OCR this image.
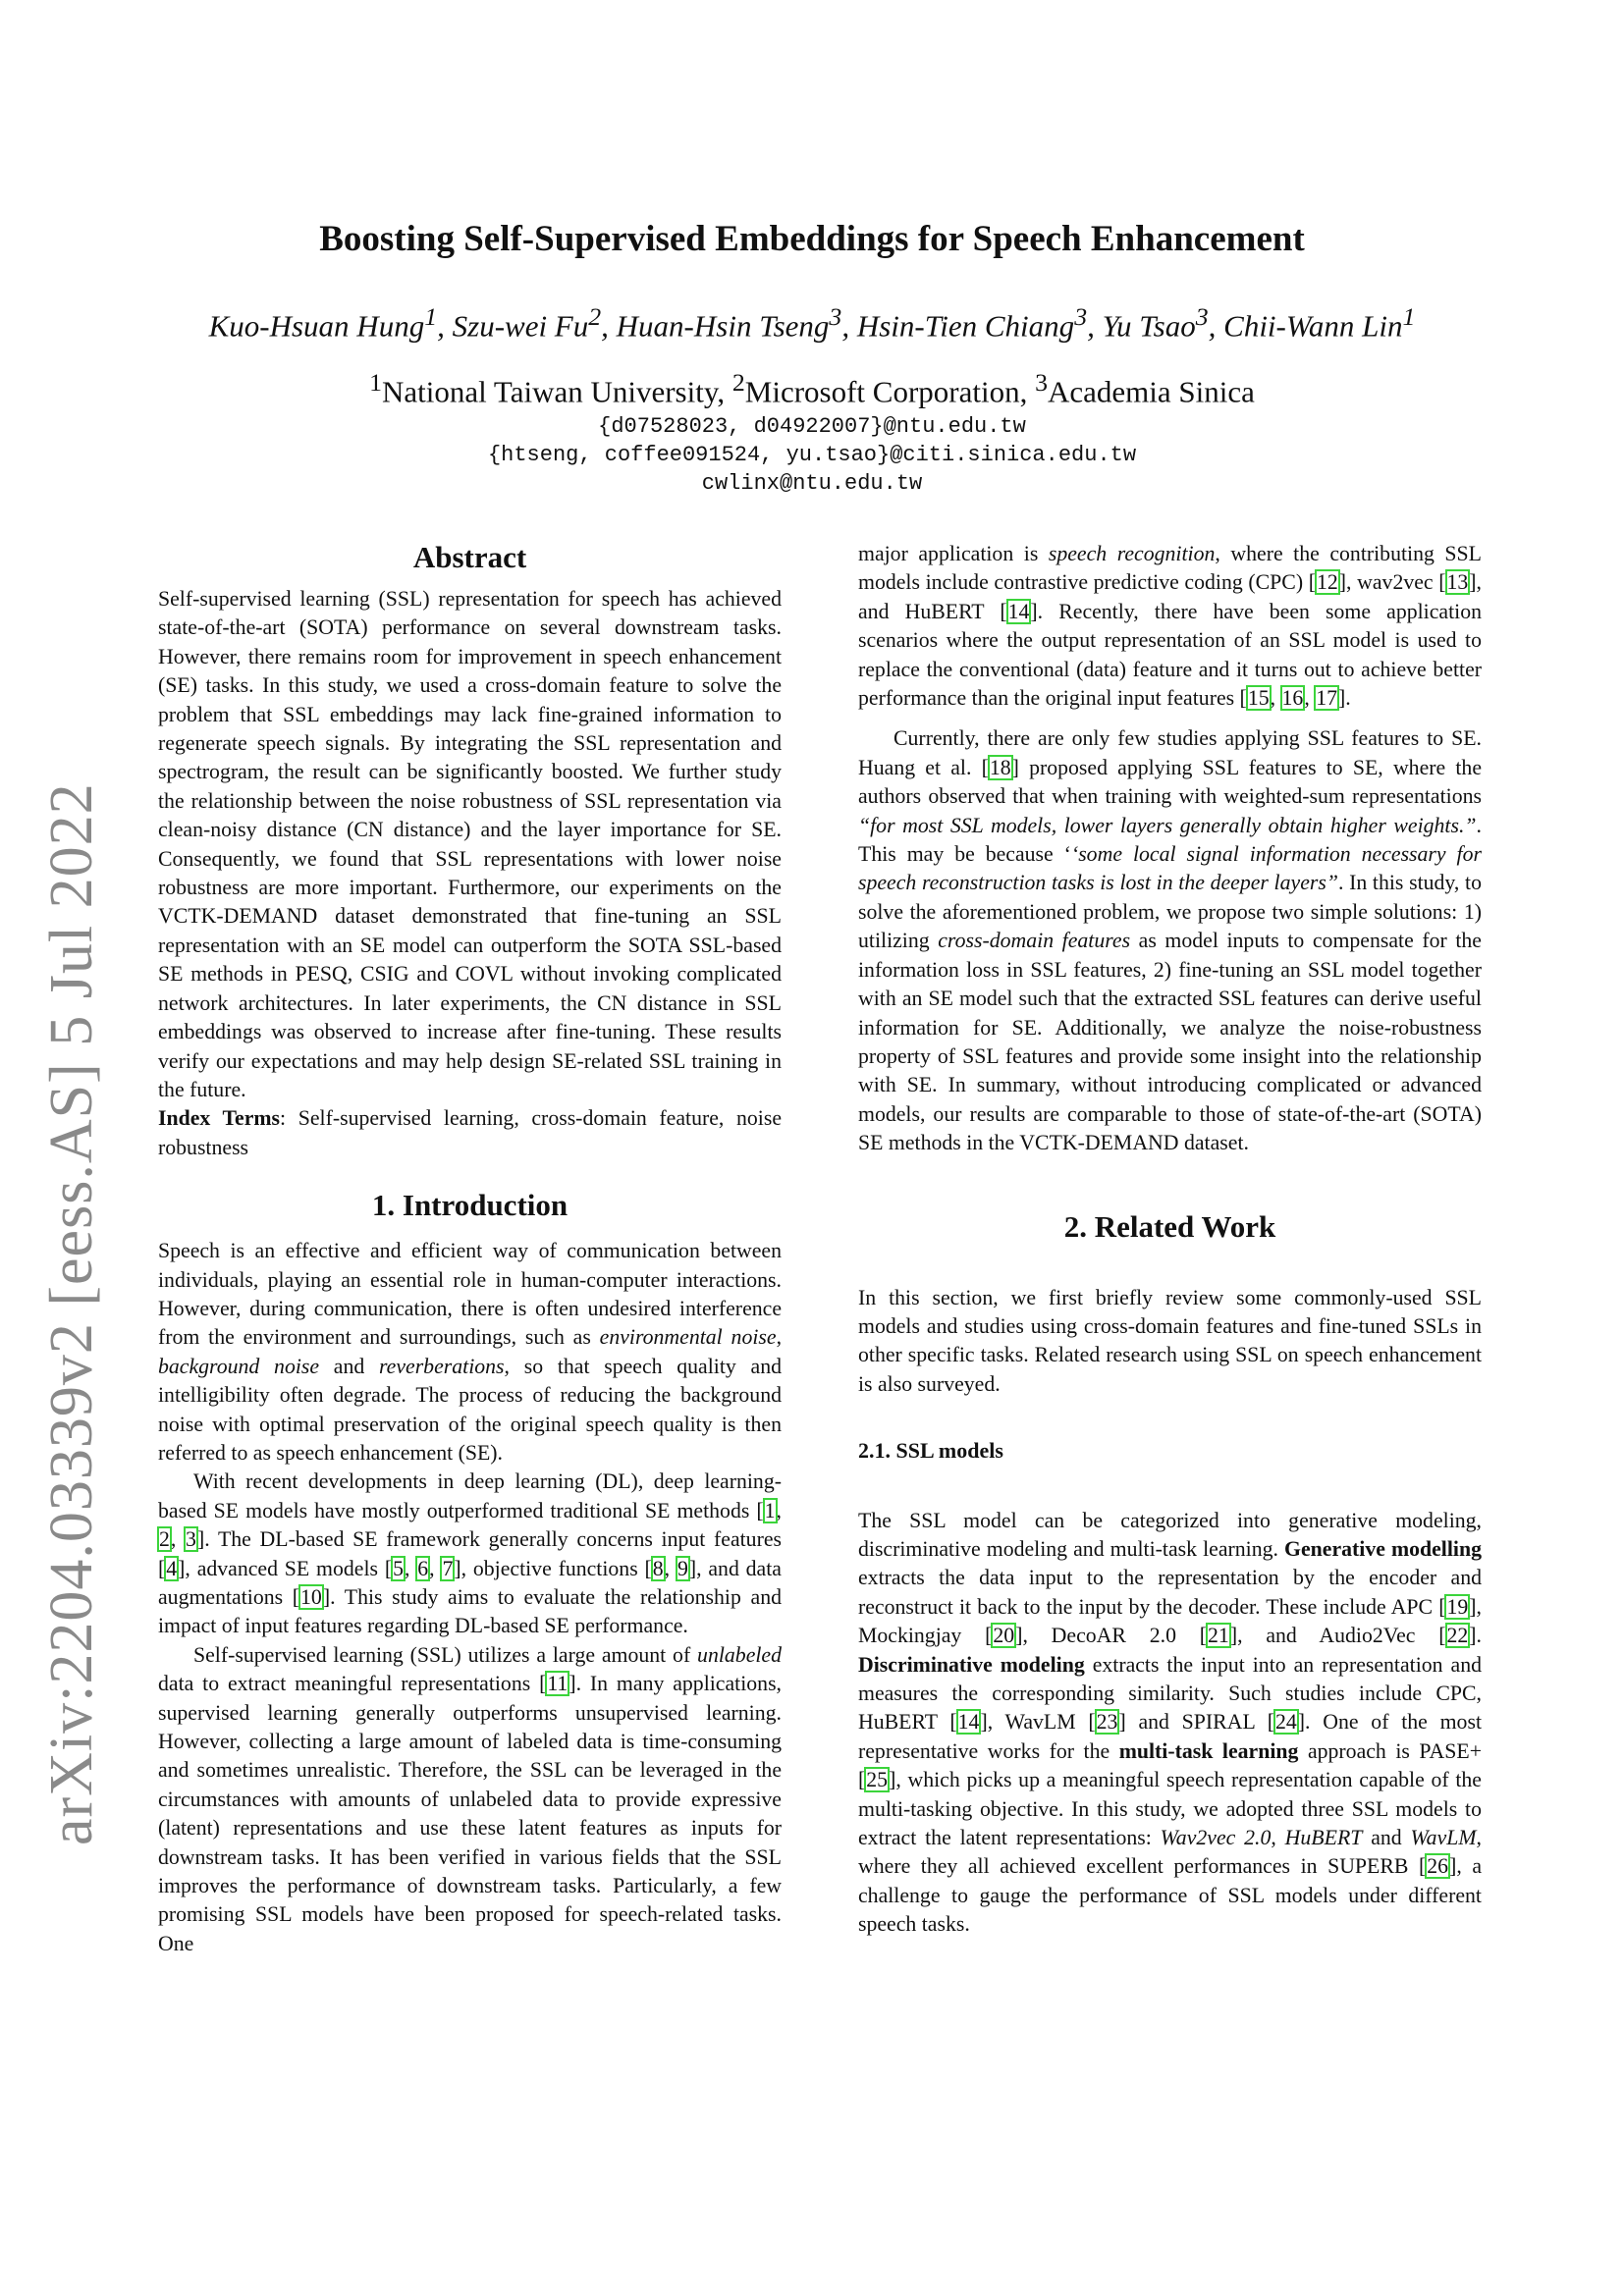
arXiv:2204.03339v2 [eess.AS] 5 Jul 2022
Boosting Self-Supervised Embeddings for Speech Enhancement
Kuo-Hsuan Hung$^1$, Szu-wei Fu$^2$, Huan-Hsin Tseng$^3$, Hsin-Tien Chiang$^3$, Yu Tsao$^3$, Chii-Wann Lin$^1$
$^1$National Taiwan University, $^2$Microsoft Corporation, $^3$Academia Sinica
{d07528023, d04922007}@ntu.edu.tw
{htseng, coffee091524, yu.tsao}@citi.sinica.edu.tw
cwlinx@ntu.edu.tw
Abstract

Self-supervised learning (SSL) representation for speech has achieved state-of-the-art (SOTA) performance on several downstream tasks. However, there remains room for improvement in speech enhancement (SE) tasks. In this study, we used a cross-domain feature to solve the problem that SSL embeddings may lack fine-grained information to regenerate speech signals. By integrating the SSL representation and spectrogram, the result can be significantly boosted. We further study the relationship between the noise robustness of SSL representation via clean-noisy distance (CN distance) and the layer importance for SE. Consequently, we found that SSL representations with lower noise robustness are more important. Furthermore, our experiments on the VCTK-DEMAND dataset demonstrated that fine-tuning an SSL representation with an SE model can outperform the SOTA SSL-based SE methods in PESQ, CSIG and COVL without invoking complicated network architectures. In later experiments, the CN distance in SSL embeddings was observed to increase after fine-tuning. These results verify our expectations and may help design SE-related SSL training in the future.

Index Terms: Self-supervised learning, cross-domain feature, noise robustness

1. Introduction

Speech is an effective and efficient way of communication between individuals, playing an essential role in human-computer interactions. However, during communication, there is often undesired interference from the environment and surroundings, such as environmental noise, background noise and reverberations, so that speech quality and intelligibility often degrade. The process of reducing the background noise with optimal preservation of the original speech quality is then referred to as speech enhancement (SE).

With recent developments in deep learning (DL), deep learning-based SE models have mostly outperformed traditional SE methods [1, 2, 3]. The DL-based SE framework generally concerns input features [4], advanced SE models [5, 6, 7], objective functions [8, 9], and data augmentations [10]. This study aims to evaluate the relationship and impact of input features regarding DL-based SE performance.

Self-supervised learning (SSL) utilizes a large amount of unlabeled data to extract meaningful representations [11]. In many applications, supervised learning generally outperforms unsupervised learning. However, collecting a large amount of labeled data is time-consuming and sometimes unrealistic. Therefore, the SSL can be leveraged in the circumstances with amounts of unlabeled data to provide expressive (latent) representations and use these latent features as inputs for downstream tasks. It has been verified in various fields that the SSL improves the performance of downstream tasks. Particularly, a few promising SSL models have been proposed for speech-related tasks. One

major application is speech recognition, where the contributing SSL models include contrastive predictive coding (CPC) [12], wav2vec [13], and HuBERT [14]. Recently, there have been some application scenarios where the output representation of an SSL model is used to replace the conventional (data) feature and it turns out to achieve better performance than the original input features [15, 16, 17].

Currently, there are only few studies applying SSL features to SE. Huang et al. [18] proposed applying SSL features to SE, where the authors observed that when training with weighted-sum representations “for most SSL models, lower layers generally obtain higher weights.”. This may be because ‘‘some local signal information necessary for speech reconstruction tasks is lost in the deeper layers”. In this study, to solve the aforementioned problem, we propose two simple solutions: 1) utilizing cross-domain features as model inputs to compensate for the information loss in SSL features, 2) fine-tuning an SSL model together with an SE model such that the extracted SSL features can derive useful information for SE. Additionally, we analyze the noise-robustness property of SSL features and provide some insight into the relationship with SE. In summary, without introducing complicated or advanced models, our results are comparable to those of state-of-the-art (SOTA) SE methods in the VCTK-DEMAND dataset.

2. Related Work

In this section, we first briefly review some commonly-used SSL models and studies using cross-domain features and fine-tuned SSLs in other specific tasks. Related research using SSL on speech enhancement is also surveyed.

2.1. SSL models

The SSL model can be categorized into generative modeling, discriminative modeling and multi-task learning. Generative modelling extracts the data input to the representation by the encoder and reconstruct it back to the input by the decoder. These include APC [19], Mockingjay [20], DecoAR 2.0 [21], and Audio2Vec [22]. Discriminative modeling extracts the input into an representation and measures the corresponding similarity. Such studies include CPC, HuBERT [14], WavLM [23] and SPIRAL [24]. One of the most representative works for the multi-task learning approach is PASE+ [25], which picks up a meaningful speech representation capable of the multi-tasking objective. In this study, we adopted three SSL models to extract the latent representations: Wav2vec 2.0, HuBERT and WavLM, where they all achieved excellent performances in SUPERB [26], a challenge to gauge the performance of SSL models under different speech tasks.
